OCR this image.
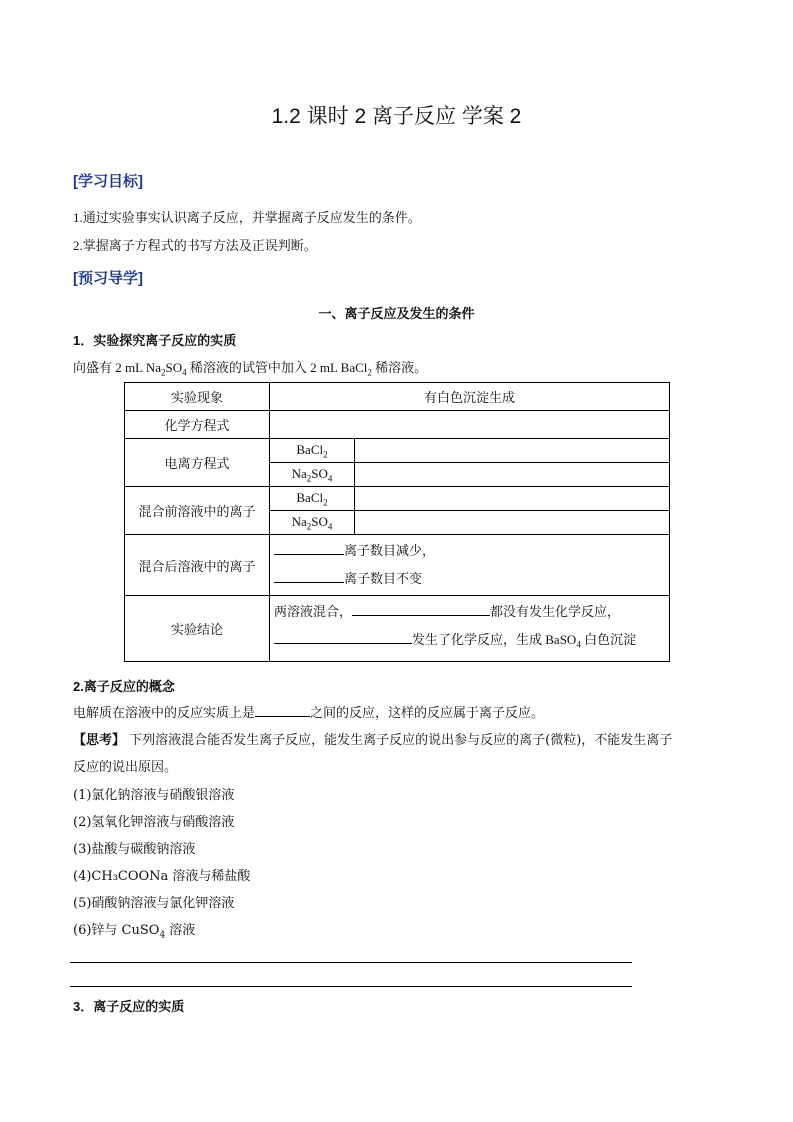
1.2 课时 2 离子反应 学案 2
[学习目标]
1.通过实验事实认识离子反应，并掌握离子反应发生的条件。
2.掌握离子方程式的书写方法及正误判断。
[预习导学]
一、离子反应及发生的条件
1．实验探究离子反应的实质
向盛有 2 mL $Na_2SO_4$ 稀溶液的试管中加入 2 mL BaCl$_2$ 稀溶液。
实验现象	有白色沉淀生成	
化学方程式		
电离方程式	BaCl$_2$	
	$Na_2SO_4$	
混合前溶液中的离子	BaCl$_2$	
	$Na_2SO_4$	
混合后溶液中的离子	离子数目减少，
离子数目不变	

实验结论	两溶液混合， 都没有发生化学反应，
发生了化学反应，生成 BaSO$_4$ 白色沉淀	
2.离子反应的概念
电解质在溶液中的反应实质上是	之间的反应，这样的反应属于离子反应。
【思考】 下列溶液混合能否发生离子反应，能发生离子反应的说出参与反应的离子(微粒)，不能发生离子
反应的说出原因。
(1)氯化钠溶液与硝酸银溶液
(2)氢氧化钾溶液与硝酸溶液
(3)盐酸与碳酸钠溶液
(4)CH₃COONa 溶液与稀盐酸
(5)硝酸钠溶液与氯化钾溶液
(6)锌与 CuSO$_4$ 溶液
3．离子反应的实质
